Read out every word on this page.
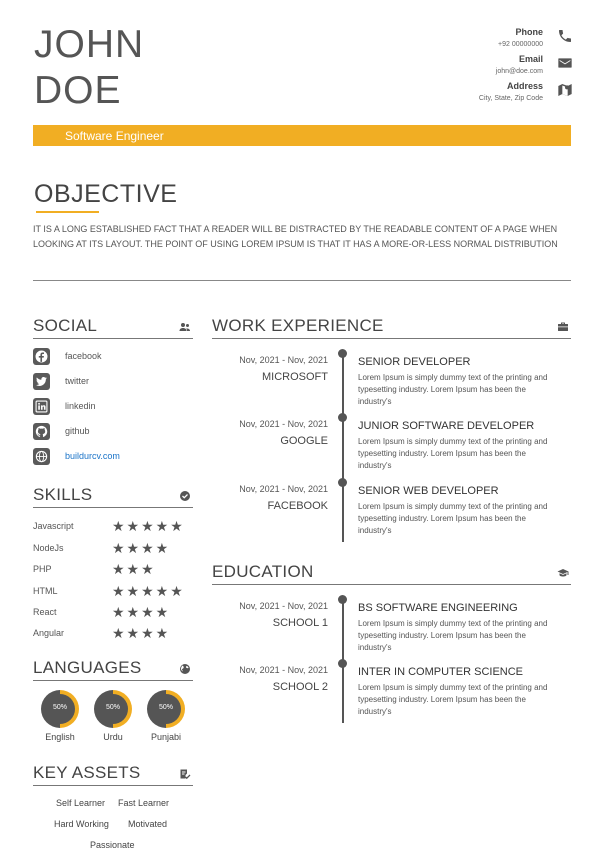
JOHN
DOE
Phone
+92 00000000
Email
john@doe.com
Address
City, State, Zip Code
Software Engineer
OBJECTIVE
IT IS A LONG ESTABLISHED FACT THAT A READER WILL BE DISTRACTED BY THE READABLE CONTENT OF A PAGE WHEN LOOKING AT ITS LAYOUT. THE POINT OF USING LOREM IPSUM IS THAT IT HAS A MORE-OR-LESS NORMAL DISTRIBUTION
SOCIAL
facebook
twitter
linkedin
github
buildurcv.com
SKILLS
Javascript	★★★★★
NodeJs	★★★★
PHP	★★★
HTML	★★★★★
React	★★★★
Angular	★★★★
LANGUAGES
50%
English
50%
Urdu
50%
Punjabi
KEY ASSETS
Self Learner Fast Learner
Hard Working Motivated
Passionate
WORK EXPERIENCE
Nov, 2021 - Nov, 2021
MICROSOFT
SENIOR DEVELOPER
Lorem Ipsum is simply dummy text of the printing and typesetting industry. Lorem Ipsum has been the industry's
Nov, 2021 - Nov, 2021
GOOGLE
JUNIOR SOFTWARE DEVELOPER
Lorem Ipsum is simply dummy text of the printing and typesetting industry. Lorem Ipsum has been the industry's
Nov, 2021 - Nov, 2021
FACEBOOK
SENIOR WEB DEVELOPER
Lorem Ipsum is simply dummy text of the printing and typesetting industry. Lorem Ipsum has been the industry's
EDUCATION
Nov, 2021 - Nov, 2021
SCHOOL 1
BS SOFTWARE ENGINEERING
Lorem Ipsum is simply dummy text of the printing and typesetting industry. Lorem Ipsum has been the industry's
Nov, 2021 - Nov, 2021
SCHOOL 2
INTER IN COMPUTER SCIENCE
Lorem Ipsum is simply dummy text of the printing and typesetting industry. Lorem Ipsum has been the industry's
